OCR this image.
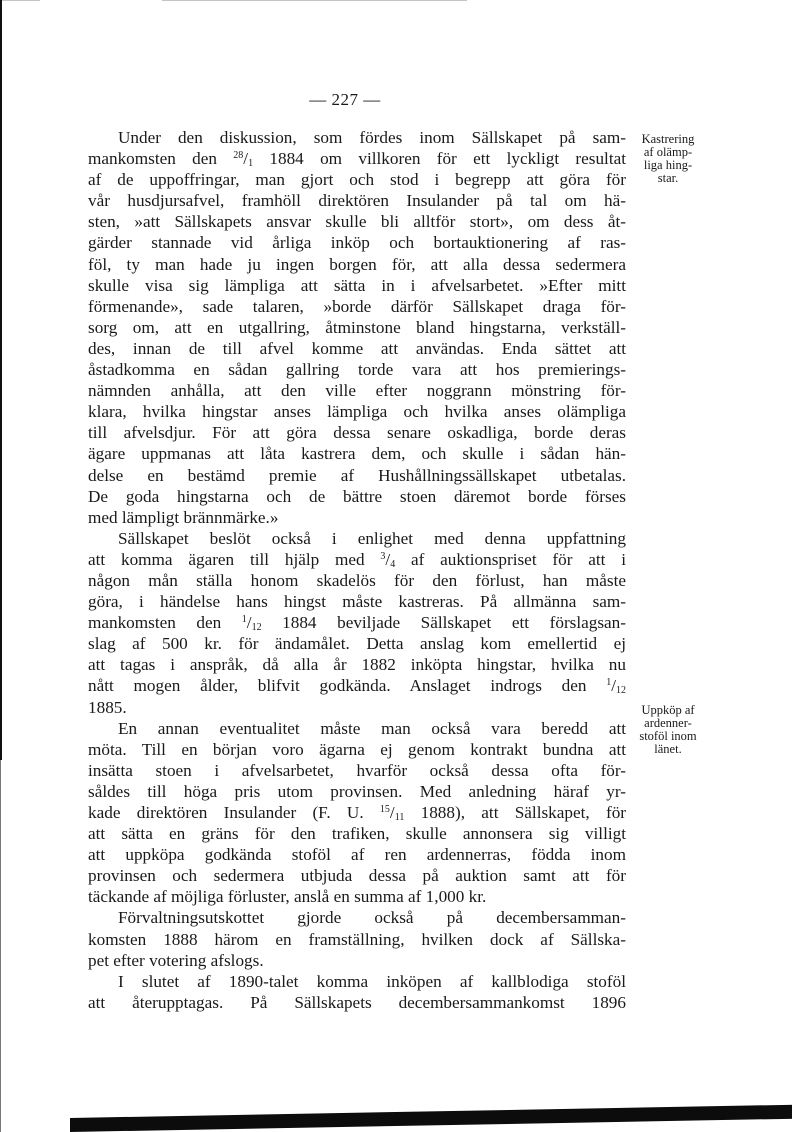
— 227 —
Under den diskussion, som fördes inom Sällskapet på sam-
mankomsten den $^{28}/_1$ 1884 om villkoren för ett lyckligt resultat
af de uppoffringar, man gjort och stod i begrepp att göra för
vår husdjursafvel, framhöll direktören Insulander på tal om hä-
sten, »att Sällskapets ansvar skulle bli alltför stort», om dess åt-
gärder stannade vid årliga inköp och bortauktionering af ras-
föl, ty man hade ju ingen borgen för, att alla dessa sedermera
skulle visa sig lämpliga att sätta in i afvelsarbetet. »Efter mitt
förmenande», sade talaren, »borde därför Sällskapet draga för-
sorg om, att en utgallring, åtminstone bland hingstarna, verkställ-
des, innan de till afvel komme att användas. Enda sättet att
åstadkomma en sådan gallring torde vara att hos premierings-
nämnden anhålla, att den ville efter noggrann mönstring för-
klara, hvilka hingstar anses lämpliga och hvilka anses olämpliga
till afvelsdjur. För att göra dessa senare oskadliga, borde deras
ägare uppmanas att låta kastrera dem, och skulle i sådan hän-
delse en bestämd premie af Hushållningssällskapet utbetalas.
De goda hingstarna och de bättre stoen däremot borde förses
med lämpligt brännmärke.»
Sällskapet beslöt också i enlighet med denna uppfattning
att komma ägaren till hjälp med $^3/_4$ af auktionspriset för att i
någon mån ställa honom skadelös för den förlust, han måste
göra, i händelse hans hingst måste kastreras. På allmänna sam-
mankomsten den $^1/_{12}$ 1884 beviljade Sällskapet ett förslagsan-
slag af 500 kr. för ändamålet. Detta anslag kom emellertid ej
att tagas i anspråk, då alla år 1882 inköpta hingstar, hvilka nu
nått mogen ålder, blifvit godkända. Anslaget indrogs den $^1/_{12}$
1885.
En annan eventualitet måste man också vara beredd att
möta. Till en början voro ägarna ej genom kontrakt bundna att
insätta stoen i afvelsarbetet, hvarför också dessa ofta för-
såldes till höga pris utom provinsen. Med anledning häraf yr-
kade direktören Insulander (F. U. $^{15}/_{11}$ 1888), att Sällskapet, för
att sätta en gräns för den trafiken, skulle annonsera sig villigt
att uppköpa godkända stoföl af ren ardennerras, födda inom
provinsen och sedermera utbjuda dessa på auktion samt att för
täckande af möjliga förluster, anslå en summa af 1,000 kr.
Förvaltningsutskottet gjorde också på decembersamman-
komsten 1888 härom en framställning, hvilken dock af Sällska-
pet efter votering afslogs.
I slutet af 1890-talet komma inköpen af kallblodiga stoföl
att återupptagas. På Sällskapets decembersammankomst 1896
Kastrering
af olämp-
liga hing-
star.
Uppköp af
ardenner-
stoföl inom
länet.
